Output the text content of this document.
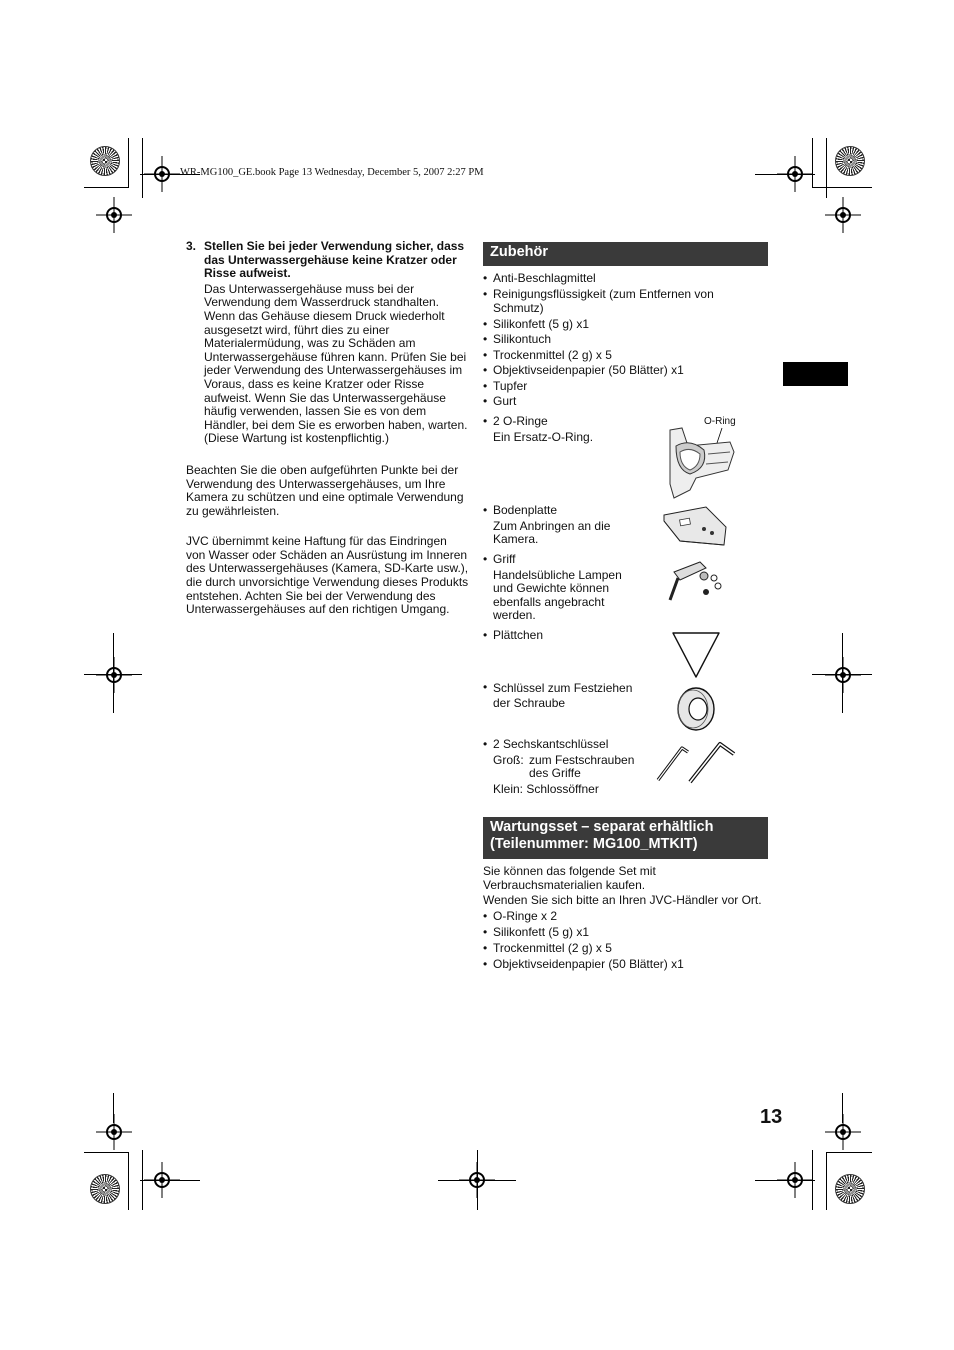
WR-MG100_GE.book Page 13 Wednesday, December 5, 2007 2:27 PM
3. Stellen Sie bei jeder Verwendung sicher, dass das Unterwassergehäuse keine Kratzer oder Risse aufweist.

Das Unterwassergehäuse muss bei der Verwendung dem Wasserdruck standhalten. Wenn das Gehäuse diesem Druck wiederholt ausgesetzt wird, führt dies zu einer Materialermüdung, was zu Schäden am Unterwassergehäuse führen kann. Prüfen Sie bei jeder Verwendung des Unterwassergehäuses im Voraus, dass es keine Kratzer oder Risse aufweist. Wenn Sie das Unterwassergehäuse häufig verwenden, lassen Sie es von dem Händler, bei dem Sie es erworben haben, warten. (Diese Wartung ist kostenpflichtig.)

Beachten Sie die oben aufgeführten Punkte bei der Verwendung des Unterwassergehäuses, um Ihre Kamera zu schützen und eine optimale Verwendung zu gewährleisten.

JVC übernimmt keine Haftung für das Eindringen von Wasser oder Schäden an Ausrüstung im Inneren des Unterwassergehäuses (Kamera, SD-Karte usw.), die durch unvorsichtige Verwendung dieses Produkts entstehen. Achten Sie bei der Verwendung des Unterwassergehäuses auf den richtigen Umgang.

Zubehör
• Anti-Beschlagmittel
• Reinigungsflüssigkeit (zum Entfernen von Schmutz)
• Silikonfett (5 g) x1
• Silikontuch
• Trockenmittel (2 g) x 5
• Objektivseidenpapier (50 Blätter) x1
• Tupfer
• Gurt
• 2 O-Ringe
Ein Ersatz-O-Ring.
O-Ring
• Bodenplatte
Zum Anbringen an die Kamera.
• Griff
Handelsübliche Lampen und Gewichte können ebenfalls angebracht werden.
• Plättchen
• Schlüssel zum Festziehen der Schraube
• 2 Sechskantschlüssel
Groß: zum Festschrauben des Griffe
Klein: Schlossöffner
Wartungsset – separat erhältlich
(Teilenummer: MG100_MTKIT)

Sie können das folgende Set mit Verbrauchsmaterialien kaufen.

Wenden Sie sich bitte an Ihren JVC-Händler vor Ort.

• O-Ringe x 2
• Silikonfett (5 g) x1
• Trockenmittel (2 g) x 5
• Objektivseidenpapier (50 Blätter) x1
13
